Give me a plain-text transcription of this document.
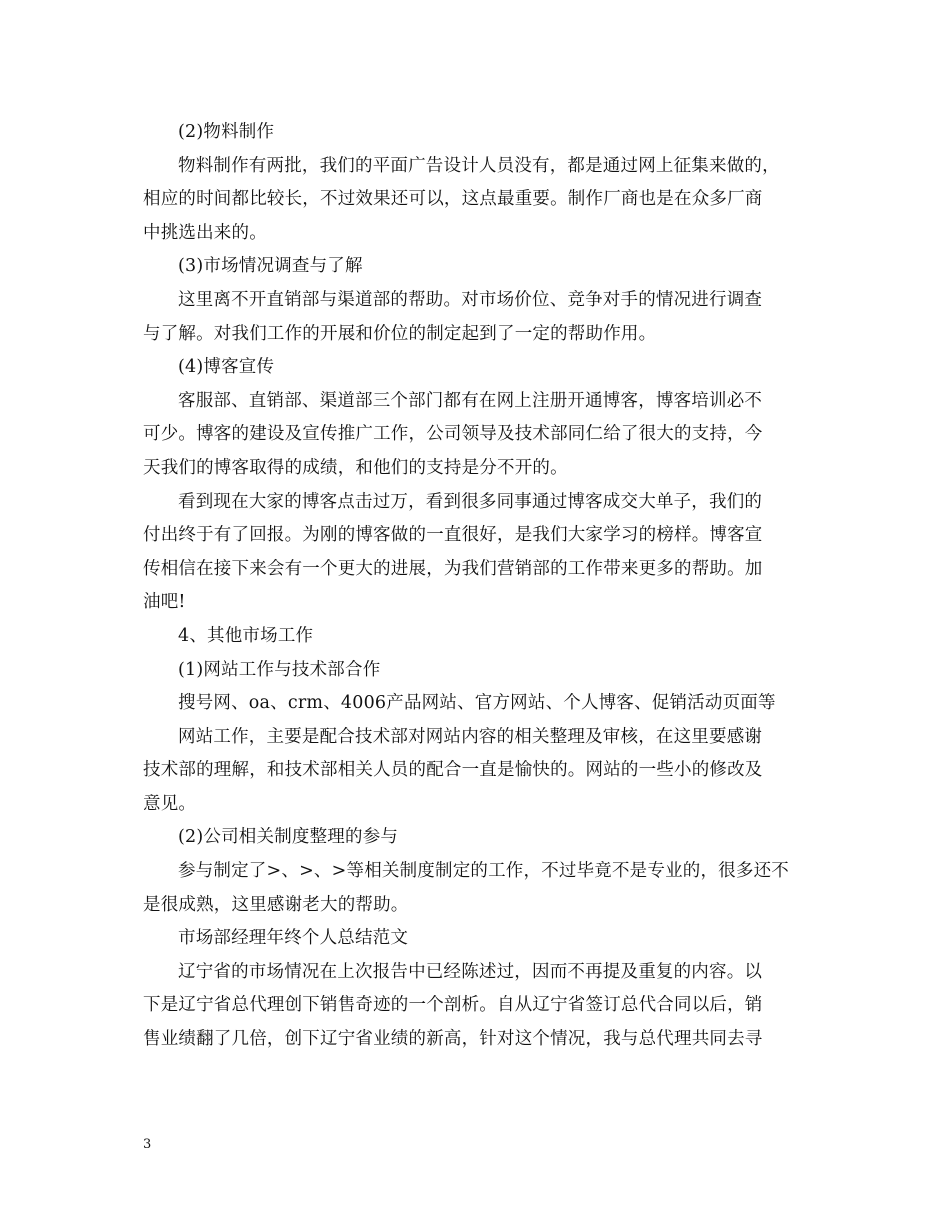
(2)物料制作
物料制作有两批，我们的平面广告设计人员没有，都是通过网上征集来做的，
相应的时间都比较长，不过效果还可以，这点最重要。制作厂商也是在众多厂商
中挑选出来的。
(3)市场情况调查与了解
这里离不开直销部与渠道部的帮助。对市场价位、竞争对手的情况进行调查
与了解。对我们工作的开展和价位的制定起到了一定的帮助作用。
(4)博客宣传
客服部、直销部、渠道部三个部门都有在网上注册开通博客，博客培训必不
可少。博客的建设及宣传推广工作，公司领导及技术部同仁给了很大的支持，今
天我们的博客取得的成绩，和他们的支持是分不开的。
看到现在大家的博客点击过万，看到很多同事通过博客成交大单子，我们的
付出终于有了回报。为刚的博客做的一直很好，是我们大家学习的榜样。博客宣
传相信在接下来会有一个更大的进展，为我们营销部的工作带来更多的帮助。加
油吧!
4、其他市场工作
(1)网站工作与技术部合作
搜号网、oa、crm、4006产品网站、官方网站、个人博客、促销活动页面等
网站工作，主要是配合技术部对网站内容的相关整理及审核，在这里要感谢
技术部的理解，和技术部相关人员的配合一直是愉快的。网站的一些小的修改及
意见。
(2)公司相关制度整理的参与
参与制定了>、>、>等相关制度制定的工作，不过毕竟不是专业的，很多还不
是很成熟，这里感谢老大的帮助。
市场部经理年终个人总结范文
辽宁省的市场情况在上次报告中已经陈述过，因而不再提及重复的内容。以
下是辽宁省总代理创下销售奇迹的一个剖析。自从辽宁省签订总代合同以后，销
售业绩翻了几倍，创下辽宁省业绩的新高，针对这个情况，我与总代理共同去寻
3
